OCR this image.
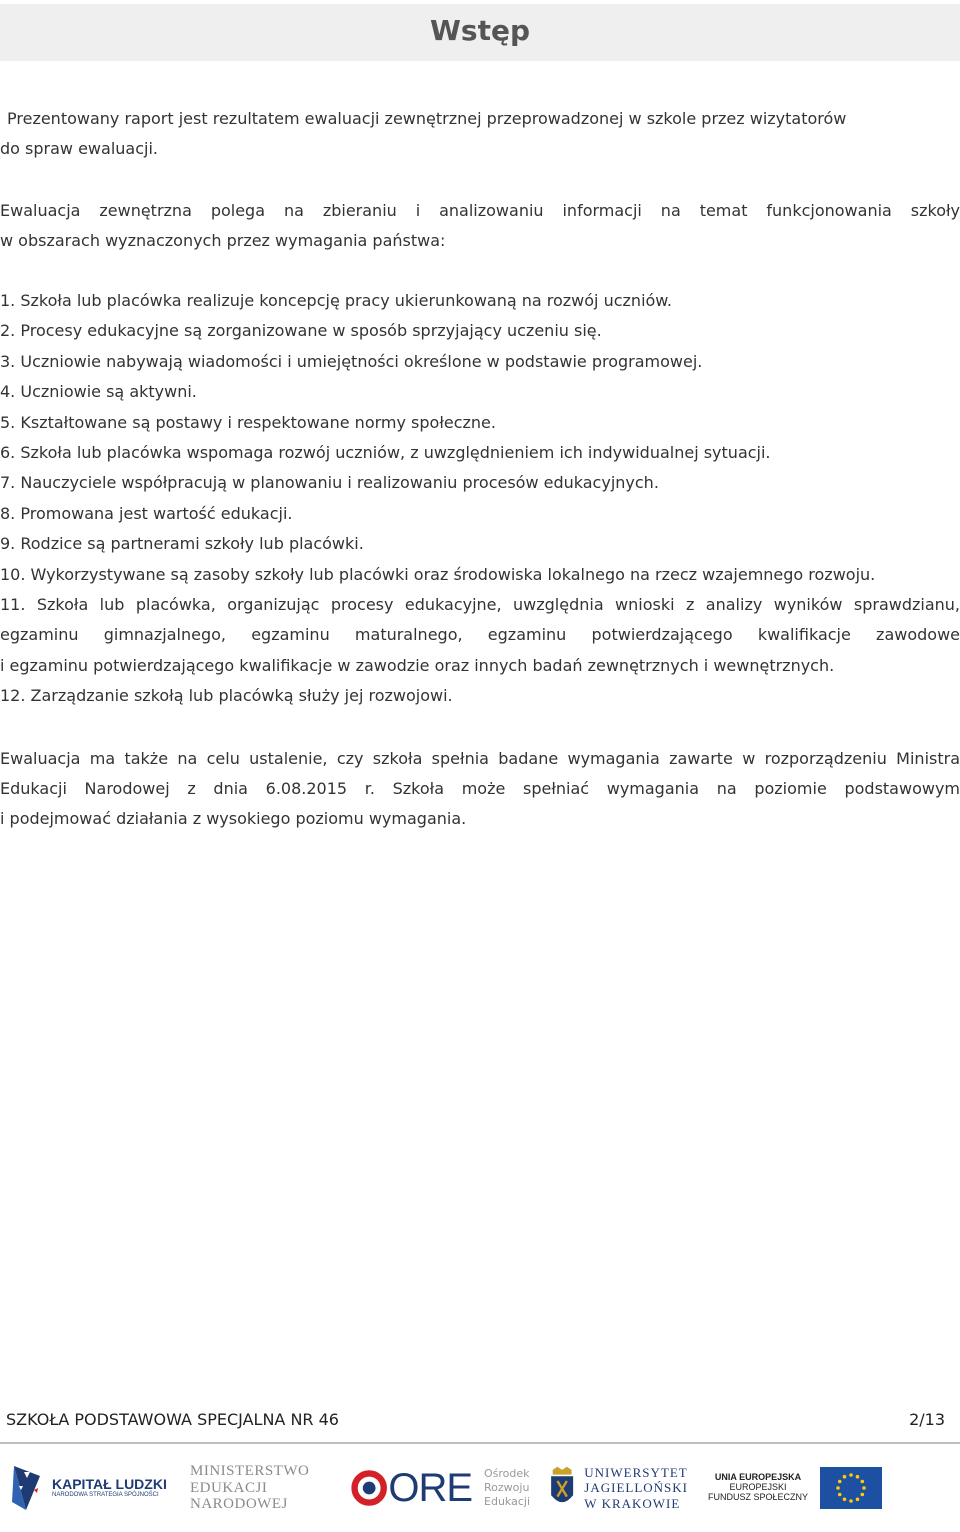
Wstęp
Prezentowany raport jest rezultatem ewaluacji zewnętrznej przeprowadzonej w szkole przez wizytatorów
do spraw ewaluacji.
Ewaluacja zewnętrzna polega na zbieraniu i analizowaniu informacji na temat funkcjonowania szkoły
w obszarach wyznaczonych przez wymagania państwa:
1. Szkoła lub placówka realizuje koncepcję pracy ukierunkowaną na rozwój uczniów.
2. Procesy edukacyjne są zorganizowane w sposób sprzyjający uczeniu się.
3. Uczniowie nabywają wiadomości i umiejętności określone w podstawie programowej.
4. Uczniowie są aktywni.
5. Kształtowane są postawy i respektowane normy społeczne.
6. Szkoła lub placówka wspomaga rozwój uczniów, z uwzględnieniem ich indywidualnej sytuacji.
7. Nauczyciele współpracują w planowaniu i realizowaniu procesów edukacyjnych.
8. Promowana jest wartość edukacji.
9. Rodzice są partnerami szkoły lub placówki.
10. Wykorzystywane są zasoby szkoły lub placówki oraz środowiska lokalnego na rzecz wzajemnego rozwoju.
11. Szkoła lub placówka, organizując procesy edukacyjne, uwzględnia wnioski z analizy wyników sprawdzianu,
egzaminu gimnazjalnego, egzaminu maturalnego, egzaminu potwierdzającego kwalifikacje zawodowe
i egzaminu potwierdzającego kwalifikacje w zawodzie oraz innych badań zewnętrznych i wewnętrznych.
12. Zarządzanie szkołą lub placówką służy jej rozwojowi.
Ewaluacja ma także na celu ustalenie, czy szkoła spełnia badane wymagania zawarte w rozporządzeniu Ministra
Edukacji Narodowej z dnia 6.08.2015 r. Szkoła może spełniać wymagania na poziomie podstawowym
i podejmować działania z wysokiego poziomu wymagania.
SZKOŁA PODSTAWOWA SPECJALNA NR 46	2/13
KAPITAŁ LUDZKI
NARODOWA STRATEGIA SPÓJNOŚCI
MINISTERSTWO
EDUKACJI
NARODOWEJ	ORE Ośrodek
Rozwoju
Edukacji
UNIWERSYTET
JAGIELLOŃSKI
W KRAKOWIE
UNIA EUROPEJSKA
EUROPEJSKI
FUNDUSZ SPOŁECZNY
